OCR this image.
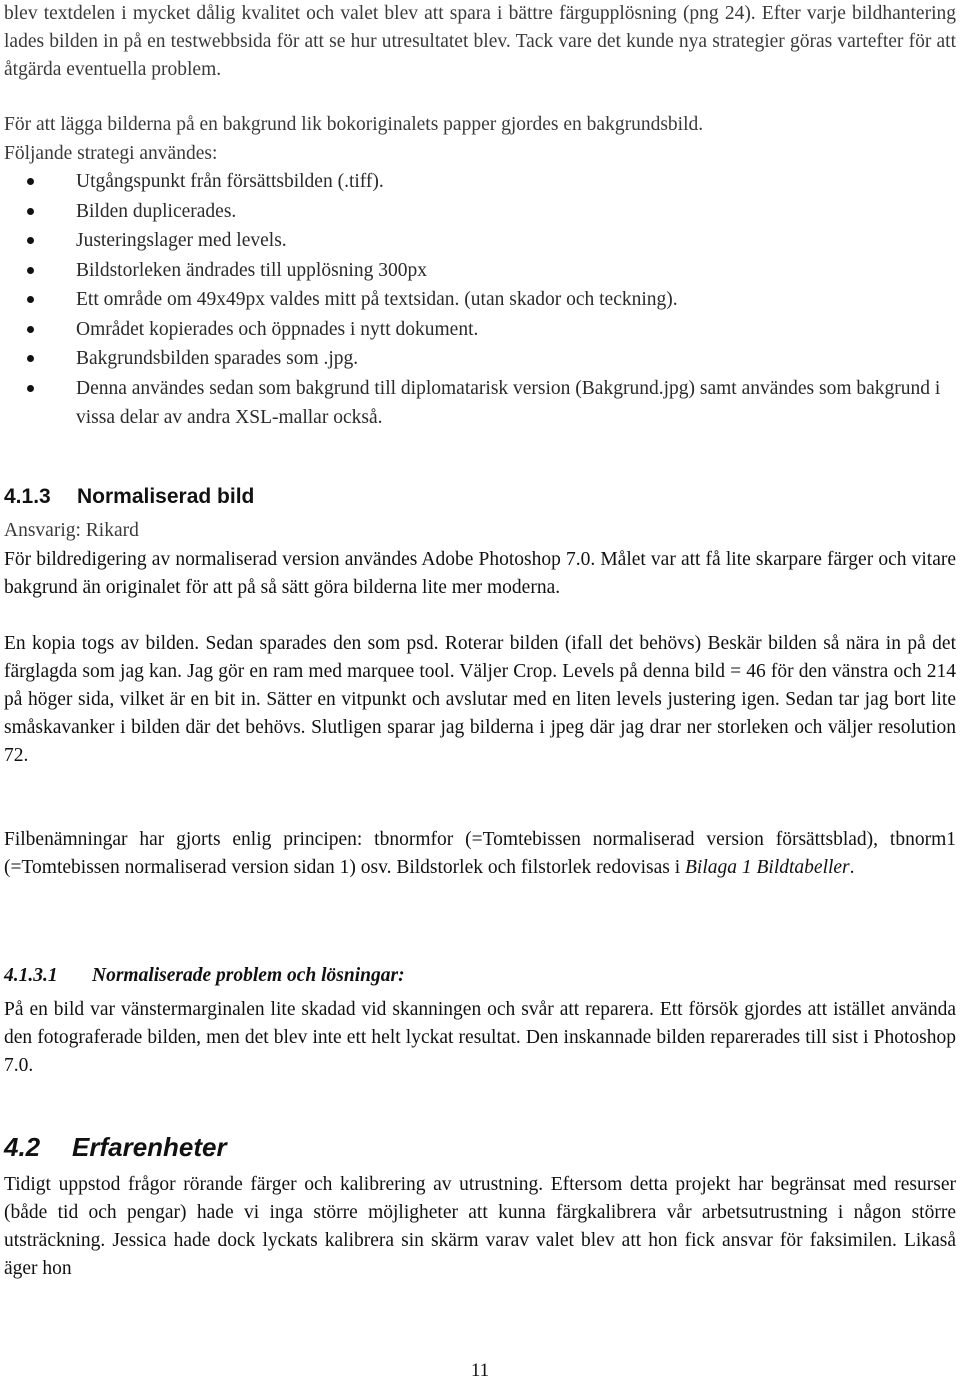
blev textdelen i mycket dålig kvalitet och valet blev att spara i bättre färgupplösning (png 24). Efter varje bildhantering lades bilden in på en testwebbsida för att se hur utresultatet blev. Tack vare det kunde nya strategier göras vartefter för att åtgärda eventuella problem.

För att lägga bilderna på en bakgrund lik bokoriginalets papper gjordes en bakgrundsbild.

Följande strategi användes:

Utgångspunkt från försättsbilden (.tiff).
Bilden duplicerades.
Justeringslager med levels.
Bildstorleken ändrades till upplösning 300px
Ett område om 49x49px valdes mitt på textsidan. (utan skador och teckning).
Området kopierades och öppnades i nytt dokument.
Bakgrundsbilden sparades som .jpg.
Denna användes sedan som bakgrund till diplomatarisk version (Bakgrund.jpg) samt användes som bakgrund i vissa delar av andra XSL-mallar också.
4.1.3 Normaliserad bild

Ansvarig: Rikard

För bildredigering av normaliserad version användes Adobe Photoshop 7.0. Målet var att få lite skarpare färger och vitare bakgrund än originalet för att på så sätt göra bilderna lite mer moderna.

En kopia togs av bilden. Sedan sparades den som psd. Roterar bilden (ifall det behövs) Beskär bilden så nära in på det färglagda som jag kan. Jag gör en ram med marquee tool. Väljer Crop. Levels på denna bild = 46 för den vänstra och 214 på höger sida, vilket är en bit in. Sätter en vitpunkt och avslutar med en liten levels justering igen. Sedan tar jag bort lite småskavanker i bilden där det behövs. Slutligen sparar jag bilderna i jpeg där jag drar ner storleken och väljer resolution 72.

Filbenämningar har gjorts enlig principen: tbnormfor (=Tomtebissen normaliserad version försättsblad), tbnorm1 (=Tomtebissen normaliserad version sidan 1) osv. Bildstorlek och filstorlek redovisas i Bilaga 1 Bildtabeller.

4.1.3.1 Normaliserade problem och lösningar:

På en bild var vänstermarginalen lite skadad vid skanningen och svår att reparera. Ett försök gjordes att istället använda den fotograferade bilden, men det blev inte ett helt lyckat resultat. Den inskannade bilden reparerades till sist i Photoshop 7.0.

4.2 Erfarenheter

Tidigt uppstod frågor rörande färger och kalibrering av utrustning. Eftersom detta projekt har begränsat med resurser (både tid och pengar) hade vi inga större möjligheter att kunna färgkalibrera vår arbetsutrustning i någon större utsträckning. Jessica hade dock lyckats kalibrera sin skärm varav valet blev att hon fick ansvar för faksimilen. Likaså äger hon

11
